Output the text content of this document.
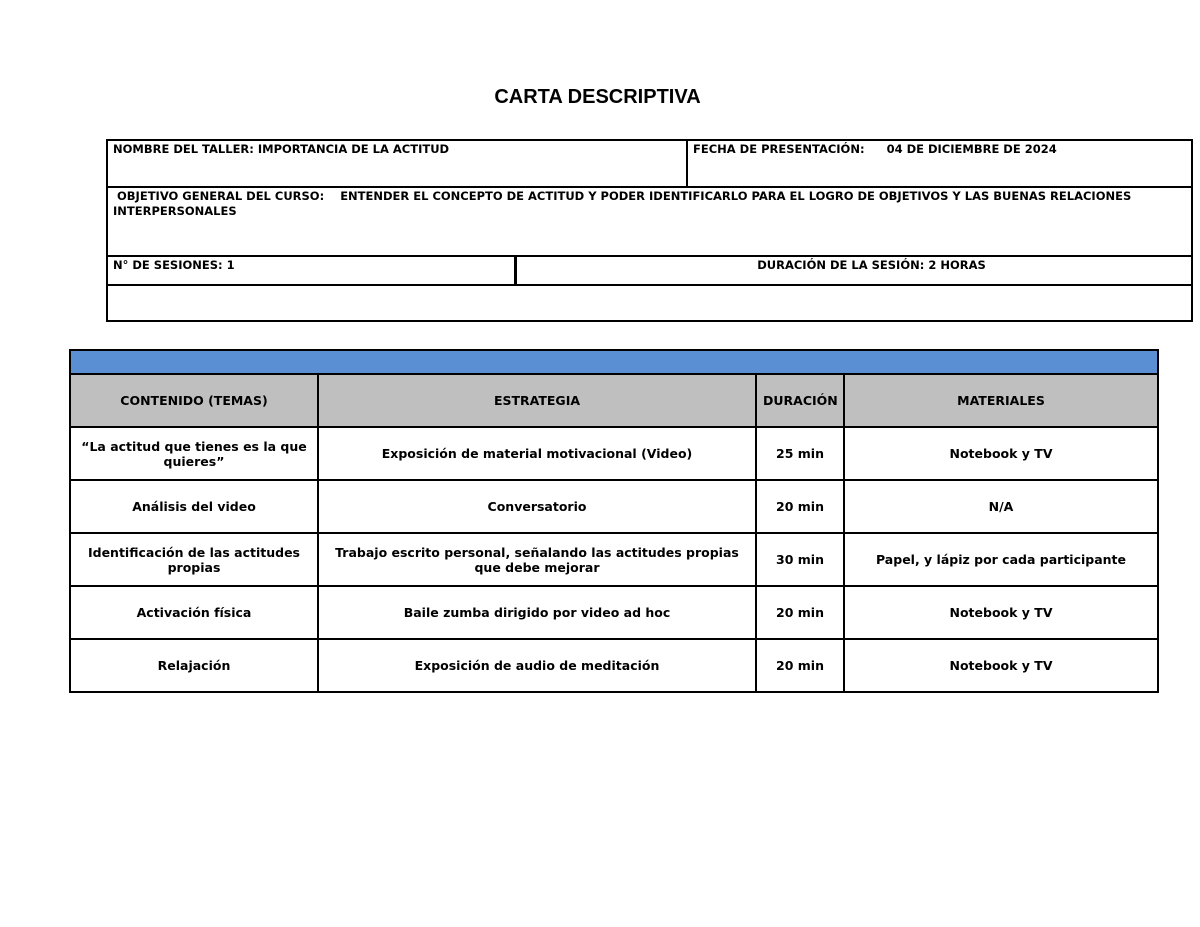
CARTA DESCRIPTIVA
NOMBRE DEL TALLER: IMPORTANCIA DE LA ACTITUD	FECHA DE PRESENTACIÓN: 04 DE DICIEMBRE DE 2024
OBJETIVO GENERAL DEL CURSO: ENTENDER EL CONCEPTO DE ACTITUD Y PODER IDENTIFICARLO PARA EL LOGRO DE OBJETIVOS Y LAS BUENAS RELACIONES INTERPERSONALES
N° DE SESIONES: 1	DURACIÓN DE LA SESIÓN: 2 HORAS

CONTENIDO (TEMAS)	ESTRATEGIA	DURACIÓN	MATERIALES
“La actitud que tienes es la que quieres”	Exposición de material motivacional (Video)	25 min	Notebook y TV
Análisis del video	Conversatorio	20 min	N/A
Identificación de las actitudes propias	Trabajo escrito personal, señalando las actitudes propias que debe mejorar	30 min	Papel, y lápiz por cada participante
Activación física	Baile zumba dirigido por video ad hoc	20 min	Notebook y TV
Relajación	Exposición de audio de meditación	20 min	Notebook y TV
